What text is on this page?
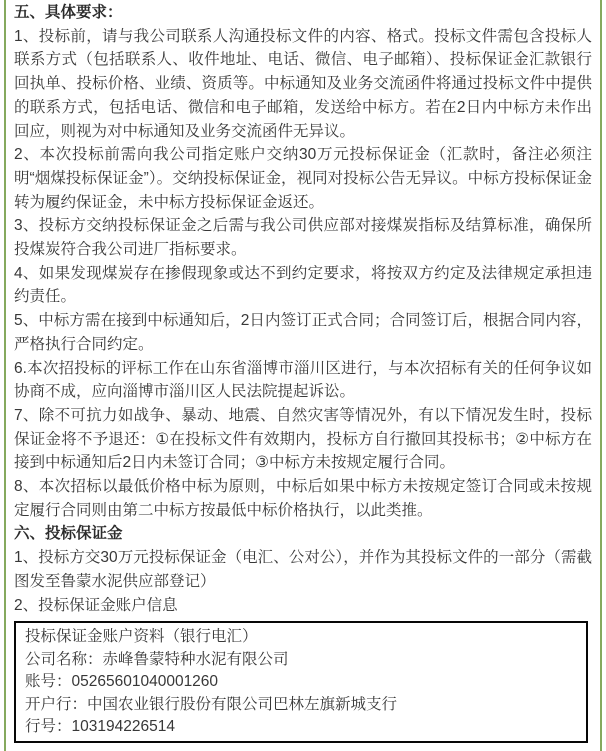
五、具体要求：

1、投标前，请与我公司联系人沟通投标文件的内容、格式。投标文件需包含投标人联系方式（包括联系人、收件地址、电话、微信、电子邮箱）、投标保证金汇款银行回执单、投标价格、业绩、资质等。中标通知及业务交流函件将通过投标文件中提供的联系方式，包括电话、微信和电子邮箱，发送给中标方。若在2日内中标方未作出回应，则视为对中标通知及业务交流函件无异议。

2、本次投标前需向我公司指定账户交纳30万元投标保证金（汇款时，备注必须注明“烟煤投标保证金”）。交纳投标保证金，视同对投标公告无异议。中标方投标保证金转为履约保证金，未中标方投标保证金返还。

3、投标方交纳投标保证金之后需与我公司供应部对接煤炭指标及结算标准，确保所投煤炭符合我公司进厂指标要求。

4、如果发现煤炭存在掺假现象或达不到约定要求，将按双方约定及法律规定承担违约责任。

5、中标方需在接到中标通知后，2日内签订正式合同；合同签订后，根据合同内容，严格执行合同约定。

6.本次招投标的评标工作在山东省淄博市淄川区进行，与本次招标有关的任何争议如协商不成，应向淄博市淄川区人民法院提起诉讼。

7、除不可抗力如战争、暴动、地震、自然灾害等情况外，有以下情况发生时，投标保证金将不予退还：①在投标文件有效期内，投标方自行撤回其投标书；②中标方在接到中标通知后2日内未签订合同；③中标方未按规定履行合同。

8、本次招标以最低价格中标为原则，中标后如果中标方未按规定签订合同或未按规定履行合同则由第二中标方按最低中标价格执行，以此类推。

六、投标保证金

1、投标方交30万元投标保证金（电汇、公对公），并作为其投标文件的一部分（需截图发至鲁蒙水泥供应部登记）

2、投标保证金账户信息

投标保证金账户资料（银行电汇）

公司名称：赤峰鲁蒙特种水泥有限公司

账号：05265601040001260

开户行：中国农业银行股份有限公司巴林左旗新城支行

行号：103194226514
